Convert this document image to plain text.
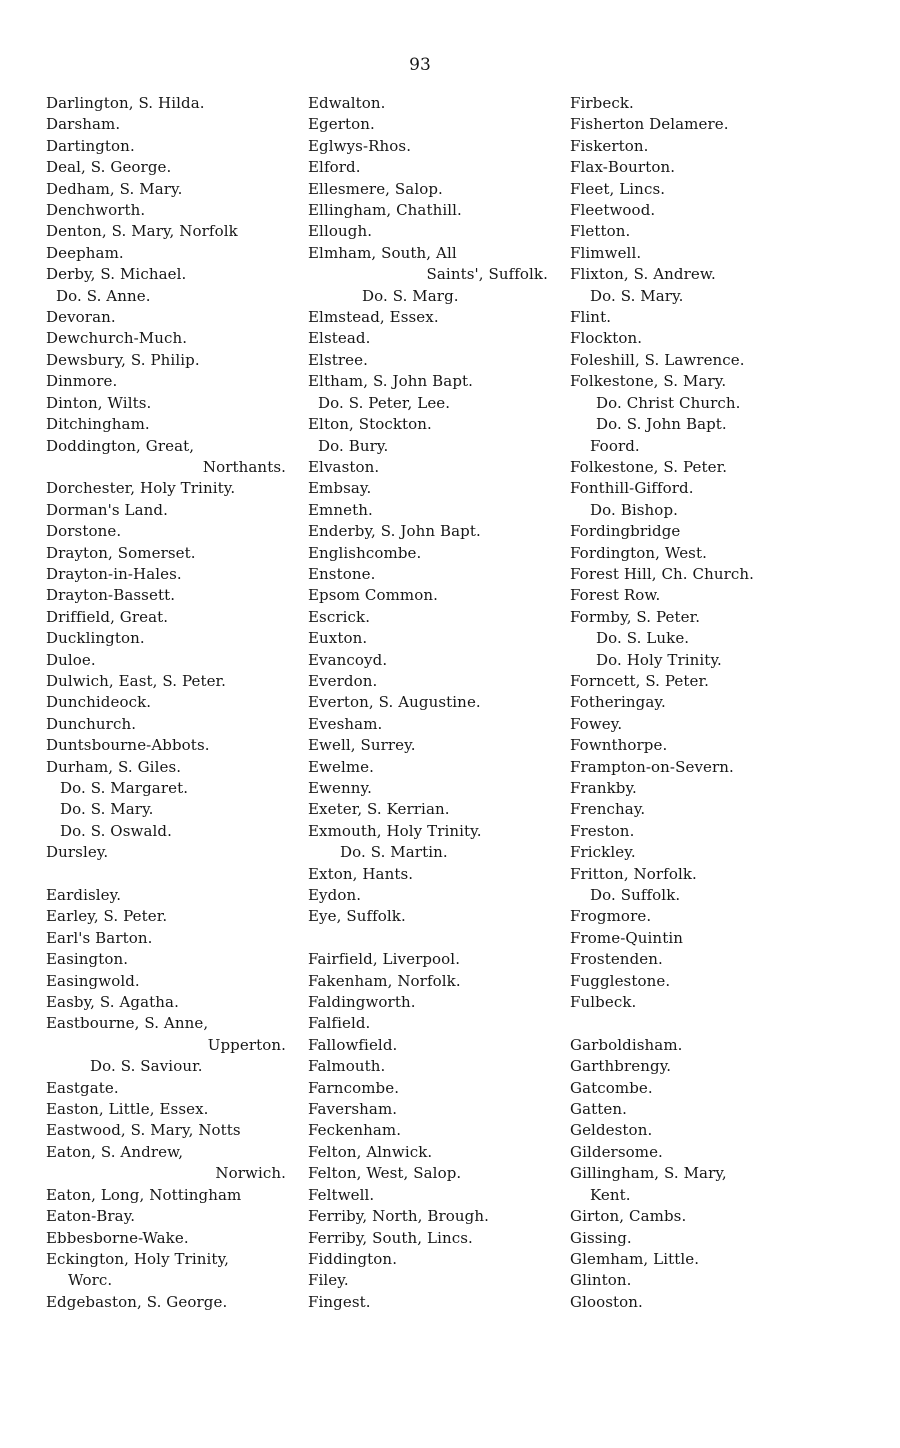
93
Darlington, S. Hilda.
Darsham.
Dartington.
Deal, S. George.
Dedham, S. Mary.
Denchworth.
Denton, S. Mary, Norfolk
Deepham.
Derby, S. Michael.
Do. S. Anne.
Devoran.
Dewchurch-Much.
Dewsbury, S. Philip.
Dinmore.
Dinton, Wilts.
Ditchingham.
Doddington, Great,
Northants.
Dorchester, Holy Trinity.
Dorman's Land.
Dorstone.
Drayton, Somerset.
Drayton-in-Hales.
Drayton-Bassett.
Driffield, Great.
Ducklington.
Duloe.
Dulwich, East, S. Peter.
Dunchideock.
Dunchurch.
Duntsbourne-Abbots.
Durham, S. Giles.
Do. S. Margaret.
Do. S. Mary.
Do. S. Oswald.
Dursley.
Eardisley.
Earley, S. Peter.
Earl's Barton.
Easington.
Easingwold.
Easby, S. Agatha.
Eastbourne, S. Anne,
Upperton.
Do. S. Saviour.
Eastgate.
Easton, Little, Essex.
Eastwood, S. Mary, Notts
Eaton, S. Andrew,
Norwich.
Eaton, Long, Nottingham
Eaton-Bray.
Ebbesborne-Wake.
Eckington, Holy Trinity,
Worc.
Edgebaston, S. George.
Edwalton.
Egerton.
Eglwys-Rhos.
Elford.
Ellesmere, Salop.
Ellingham, Chathill.
Ellough.
Elmham, South, All
Saints', Suffolk.
Do. S. Marg.
Elmstead, Essex.
Elstead.
Elstree.
Eltham, S. John Bapt.
Do. S. Peter, Lee.
Elton, Stockton.
Do. Bury.
Elvaston.
Embsay.
Emneth.
Enderby, S. John Bapt.
Englishcombe.
Enstone.
Epsom Common.
Escrick.
Euxton.
Evancoyd.
Everdon.
Everton, S. Augustine.
Evesham.
Ewell, Surrey.
Ewelme.
Ewenny.
Exeter, S. Kerrian.
Exmouth, Holy Trinity.
Do. S. Martin.
Exton, Hants.
Eydon.
Eye, Suffolk.
Fairfield, Liverpool.
Fakenham, Norfolk.
Faldingworth.
Falfield.
Fallowfield.
Falmouth.
Farncombe.
Faversham.
Feckenham.
Felton, Alnwick.
Felton, West, Salop.
Feltwell.
Ferriby, North, Brough.
Ferriby, South, Lincs.
Fiddington.
Filey.
Fingest.
Firbeck.
Fisherton Delamere.
Fiskerton.
Flax-Bourton.
Fleet, Lincs.
Fleetwood.
Fletton.
Flimwell.
Flixton, S. Andrew.
Do. S. Mary.
Flint.
Flockton.
Foleshill, S. Lawrence.
Folkestone, S. Mary.
Do. Christ Church.
Do. S. John Bapt.
Foord.
Folkestone, S. Peter.
Fonthill-Gifford.
Do. Bishop.
Fordingbridge
Fordington, West.
Forest Hill, Ch. Church.
Forest Row.
Formby, S. Peter.
Do. S. Luke.
Do. Holy Trinity.
Forncett, S. Peter.
Fotheringay.
Fowey.
Fownthorpe.
Frampton-on-Severn.
Frankby.
Frenchay.
Freston.
Frickley.
Fritton, Norfolk.
Do. Suffolk.
Frogmore.
Frome-Quintin
Frostenden.
Fugglestone.
Fulbeck.
Garboldisham.
Garthbrengy.
Gatcombe.
Gatten.
Geldeston.
Gildersome.
Gillingham, S. Mary,
Kent.
Girton, Cambs.
Gissing.
Glemham, Little.
Glinton.
Glooston.
